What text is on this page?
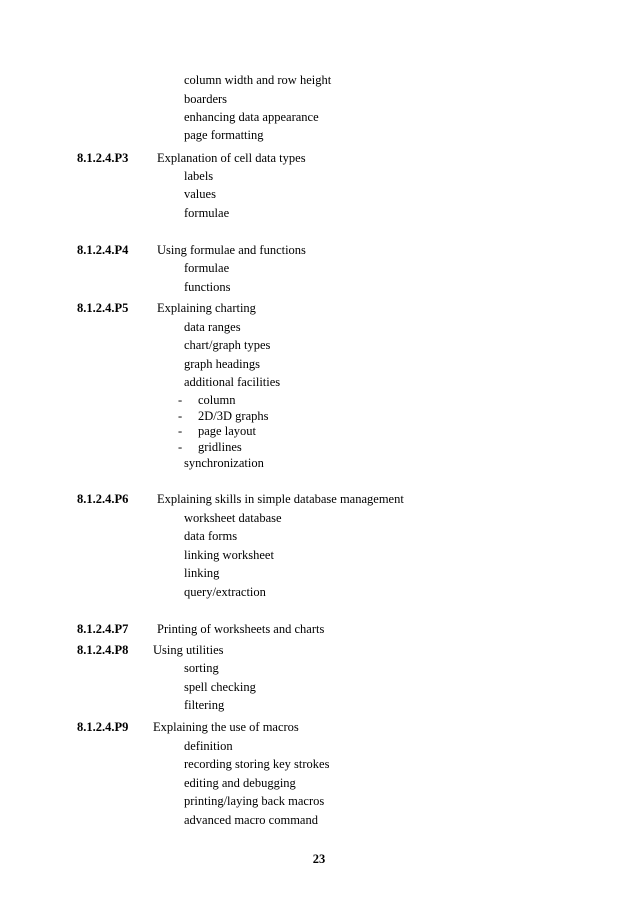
column width and row height
boarders
enhancing data appearance
page formatting
8.1.2.4.P3 Explanation of cell data types
labels
values
formulae
8.1.2.4.P4 Using formulae and functions
formulae
functions
8.1.2.4.P5 Explaining charting
data ranges
chart/graph types
graph headings
additional facilities
- column
- 2D/3D graphs
- page layout
- gridlines
synchronization
8.1.2.4.P6 Explaining skills in simple database management
worksheet database
data forms
linking worksheet
linking
query/extraction
8.1.2.4.P7 Printing of worksheets and charts
8.1.2.4.P8 Using utilities
sorting
spell checking
filtering
8.1.2.4.P9 Explaining the use of macros
definition
recording storing key strokes
editing and debugging
printing/laying back macros
advanced macro command
23
